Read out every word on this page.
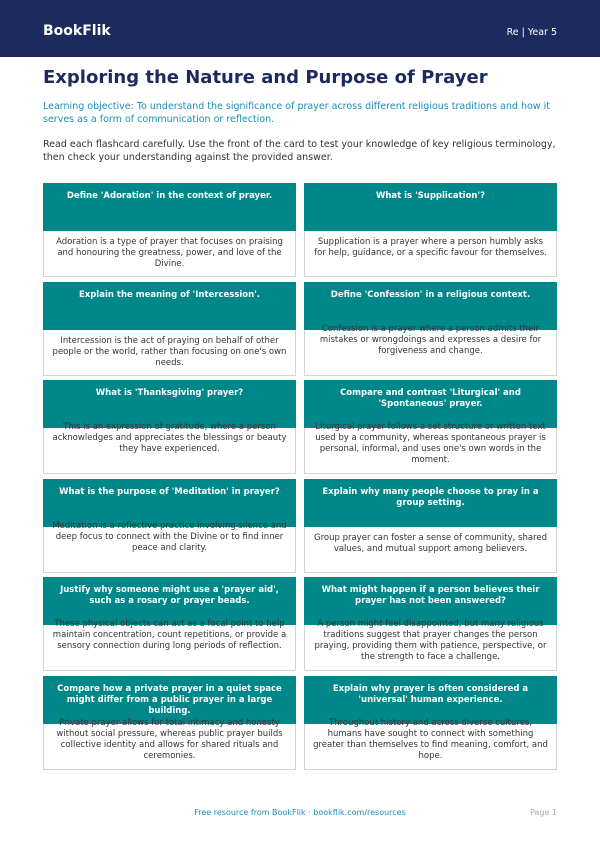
BookFlik	Re | Year 5
Exploring the Nature and Purpose of Prayer
Learning objective: To understand the significance of prayer across different religious traditions and how it serves as a form of communication or reflection.
Read each flashcard carefully. Use the front of the card to test your knowledge of key religious terminology, then check your understanding against the provided answer.
Define 'Adoration' in the context of prayer.
Adoration is a type of prayer that focuses on praising and honouring the greatness, power, and love of the Divine.
What is 'Supplication'?
Supplication is a prayer where a person humbly asks for help, guidance, or a specific favour for themselves.
Explain the meaning of 'Intercession'.
Intercession is the act of praying on behalf of other people or the world, rather than focusing on one's own needs.
Define 'Confession' in a religious context.
Confession is a prayer where a person admits their mistakes or wrongdoings and expresses a desire for forgiveness and change.
What is 'Thanksgiving' prayer?
This is an expression of gratitude, where a person acknowledges and appreciates the blessings or beauty they have experienced.
Compare and contrast 'Liturgical' and 'Spontaneous' prayer.
Liturgical prayer follows a set structure or written text used by a community, whereas spontaneous prayer is personal, informal, and uses one's own words in the moment.
What is the purpose of 'Meditation' in prayer?
Meditation is a reflective practice involving silence and deep focus to connect with the Divine or to find inner peace and clarity.
Explain why many people choose to pray in a group setting.
Group prayer can foster a sense of community, shared values, and mutual support among believers.
Justify why someone might use a 'prayer aid', such as a rosary or prayer beads.
These physical objects can act as a focal point to help maintain concentration, count repetitions, or provide a sensory connection during long periods of reflection.
What might happen if a person believes their prayer has not been answered?
A person might feel disappointed, but many religious traditions suggest that prayer changes the person praying, providing them with patience, perspective, or the strength to face a challenge.
Compare how a private prayer in a quiet space might differ from a public prayer in a large building.
Private prayer allows for total intimacy and honesty without social pressure, whereas public prayer builds collective identity and allows for shared rituals and ceremonies.
Explain why prayer is often considered a 'universal' human experience.
Throughout history and across diverse cultures, humans have sought to connect with something greater than themselves to find meaning, comfort, and hope.
Free resource from BookFlik · bookflik.com/resources	Page 1
